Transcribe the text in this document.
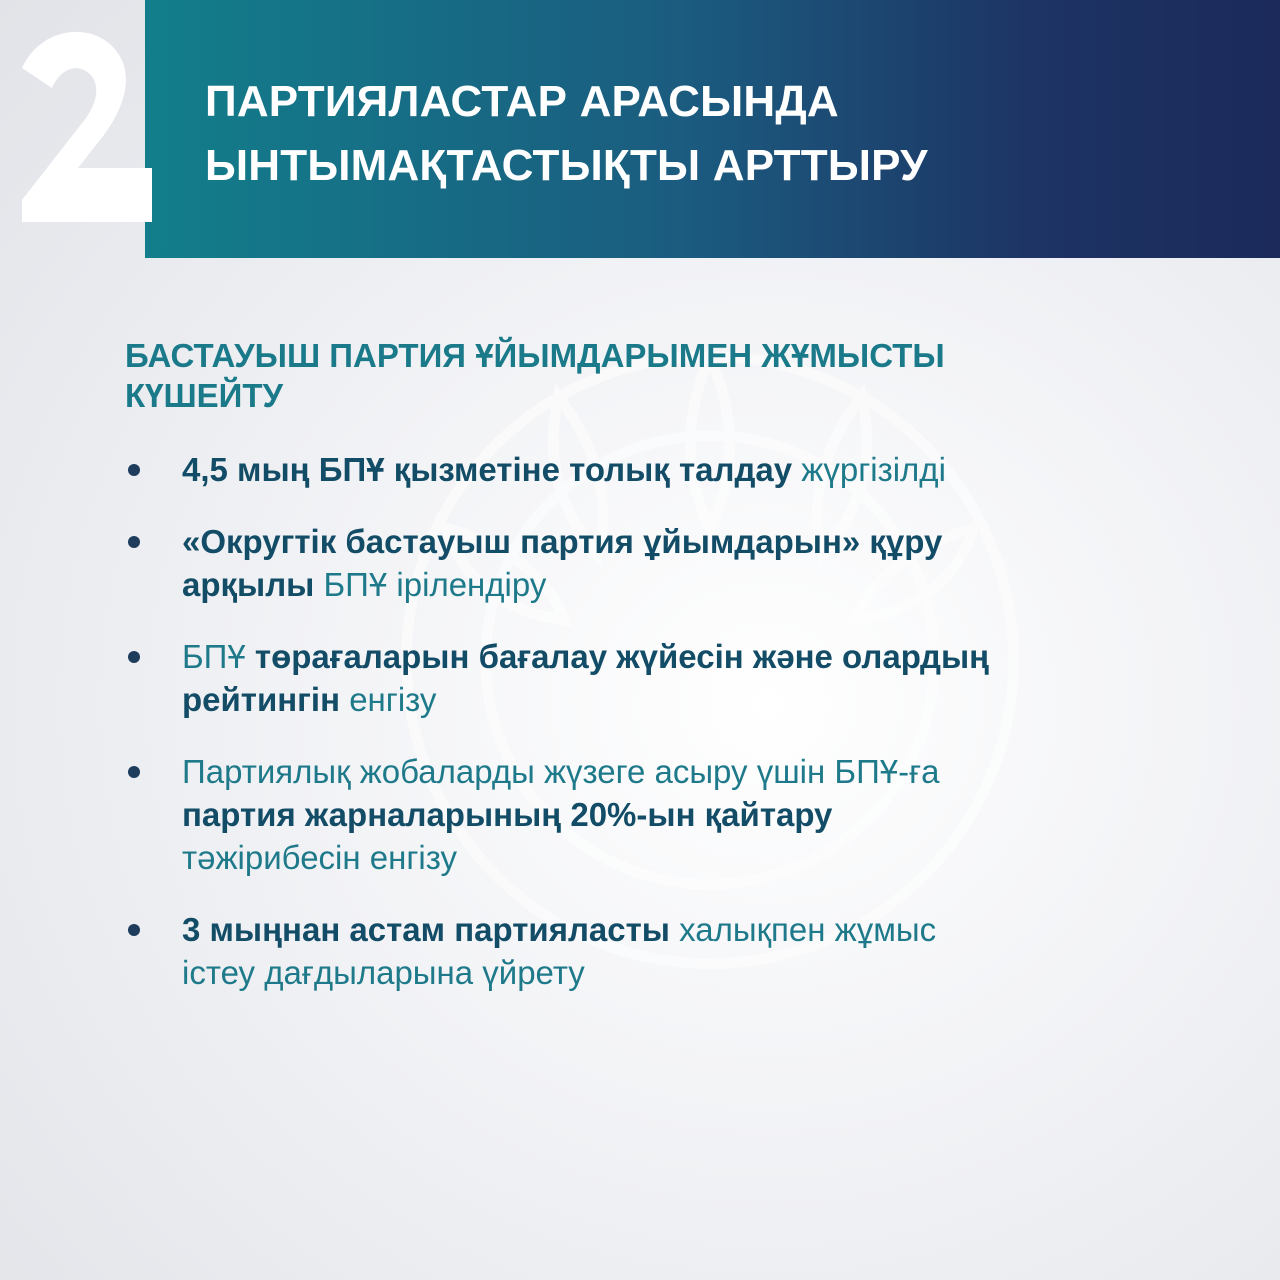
ПАРТИЯЛАСТАР АРАСЫНДА
ЫНТЫМАҚТАСТЫҚТЫ АРТТЫРУ
БАСТАУЫШ ПАРТИЯ ҰЙЫМДАРЫМЕН ЖҰМЫСТЫ
КҮШЕЙТУ
4,5 мың БПҰ қызметіне толық талдау жүргізілді
«Округтік бастауыш партия ұйымдарын» құру
арқылы БПҰ ірілендіру
БПҰ төрағаларын бағалау жүйесін және олардың
рейтингін енгізу
Партиялық жобаларды жүзеге асыру үшін БПҰ-ға
партия жарналарының 20%-ын қайтару
тәжірибесін енгізу
3 мыңнан астам партияласты халықпен жұмыс
істеу дағдыларына үйрету
